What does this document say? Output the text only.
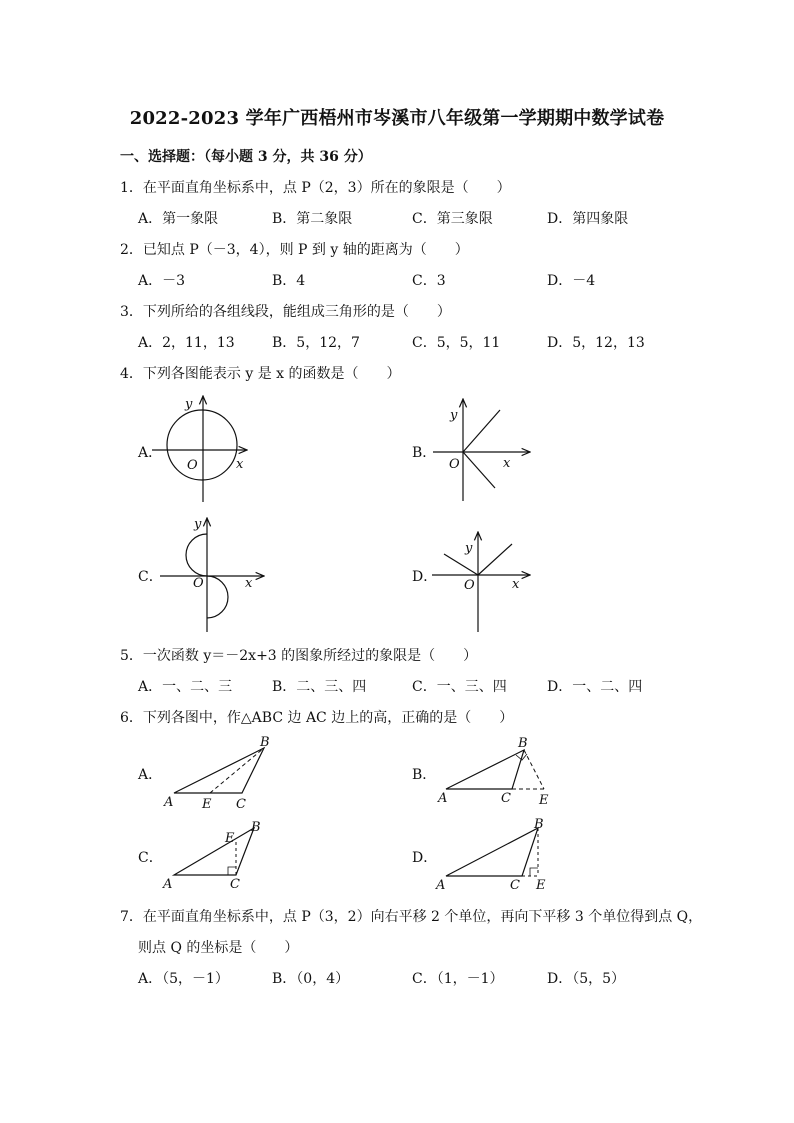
2022-2023 学年广西梧州市岑溪市八年级第一学期期中数学试卷
一、选择题：（每小题 3 分，共 36 分）
1．在平面直角坐标系中，点 P（2，3）所在的象限是（　　）
A．第一象限	B．第二象限	C．第三象限	D．第四象限
2．已知点 P（－3，4），则 P 到 y 轴的距离为（　　）
A．－3	B．4	C．3	D．－4
3．下列所给的各组线段，能组成三角形的是（　　）
A．2，11，13	B．5，12，7	C．5，5，11	D．5，12，13
4．下列各图能表示 y 是 x 的函数是（　　）
A．	B．
C．	D．
y
x
O
y
x
O
y
x
O
y
x
O
5．一次函数 y＝－2x+3 的图象所经过的象限是（　　）
A．一、二、三	B．二、三、四	C．一、三、四	D．一、二、四
6．下列各图中，作△ABC 边 AC 边上的高，正确的是（　　）
A．	B．
C．	D．
A E C
B
A	C E
B
A	C
E
B
A	C E
B
7．在平面直角坐标系中，点 P（3，2）向右平移 2 个单位，再向下平移 3 个单位得到点 Q，
则点 Q 的坐标是（　　）
A．（5，－1）	B．（0，4）	C．（1，－1）	D．（5，5）
